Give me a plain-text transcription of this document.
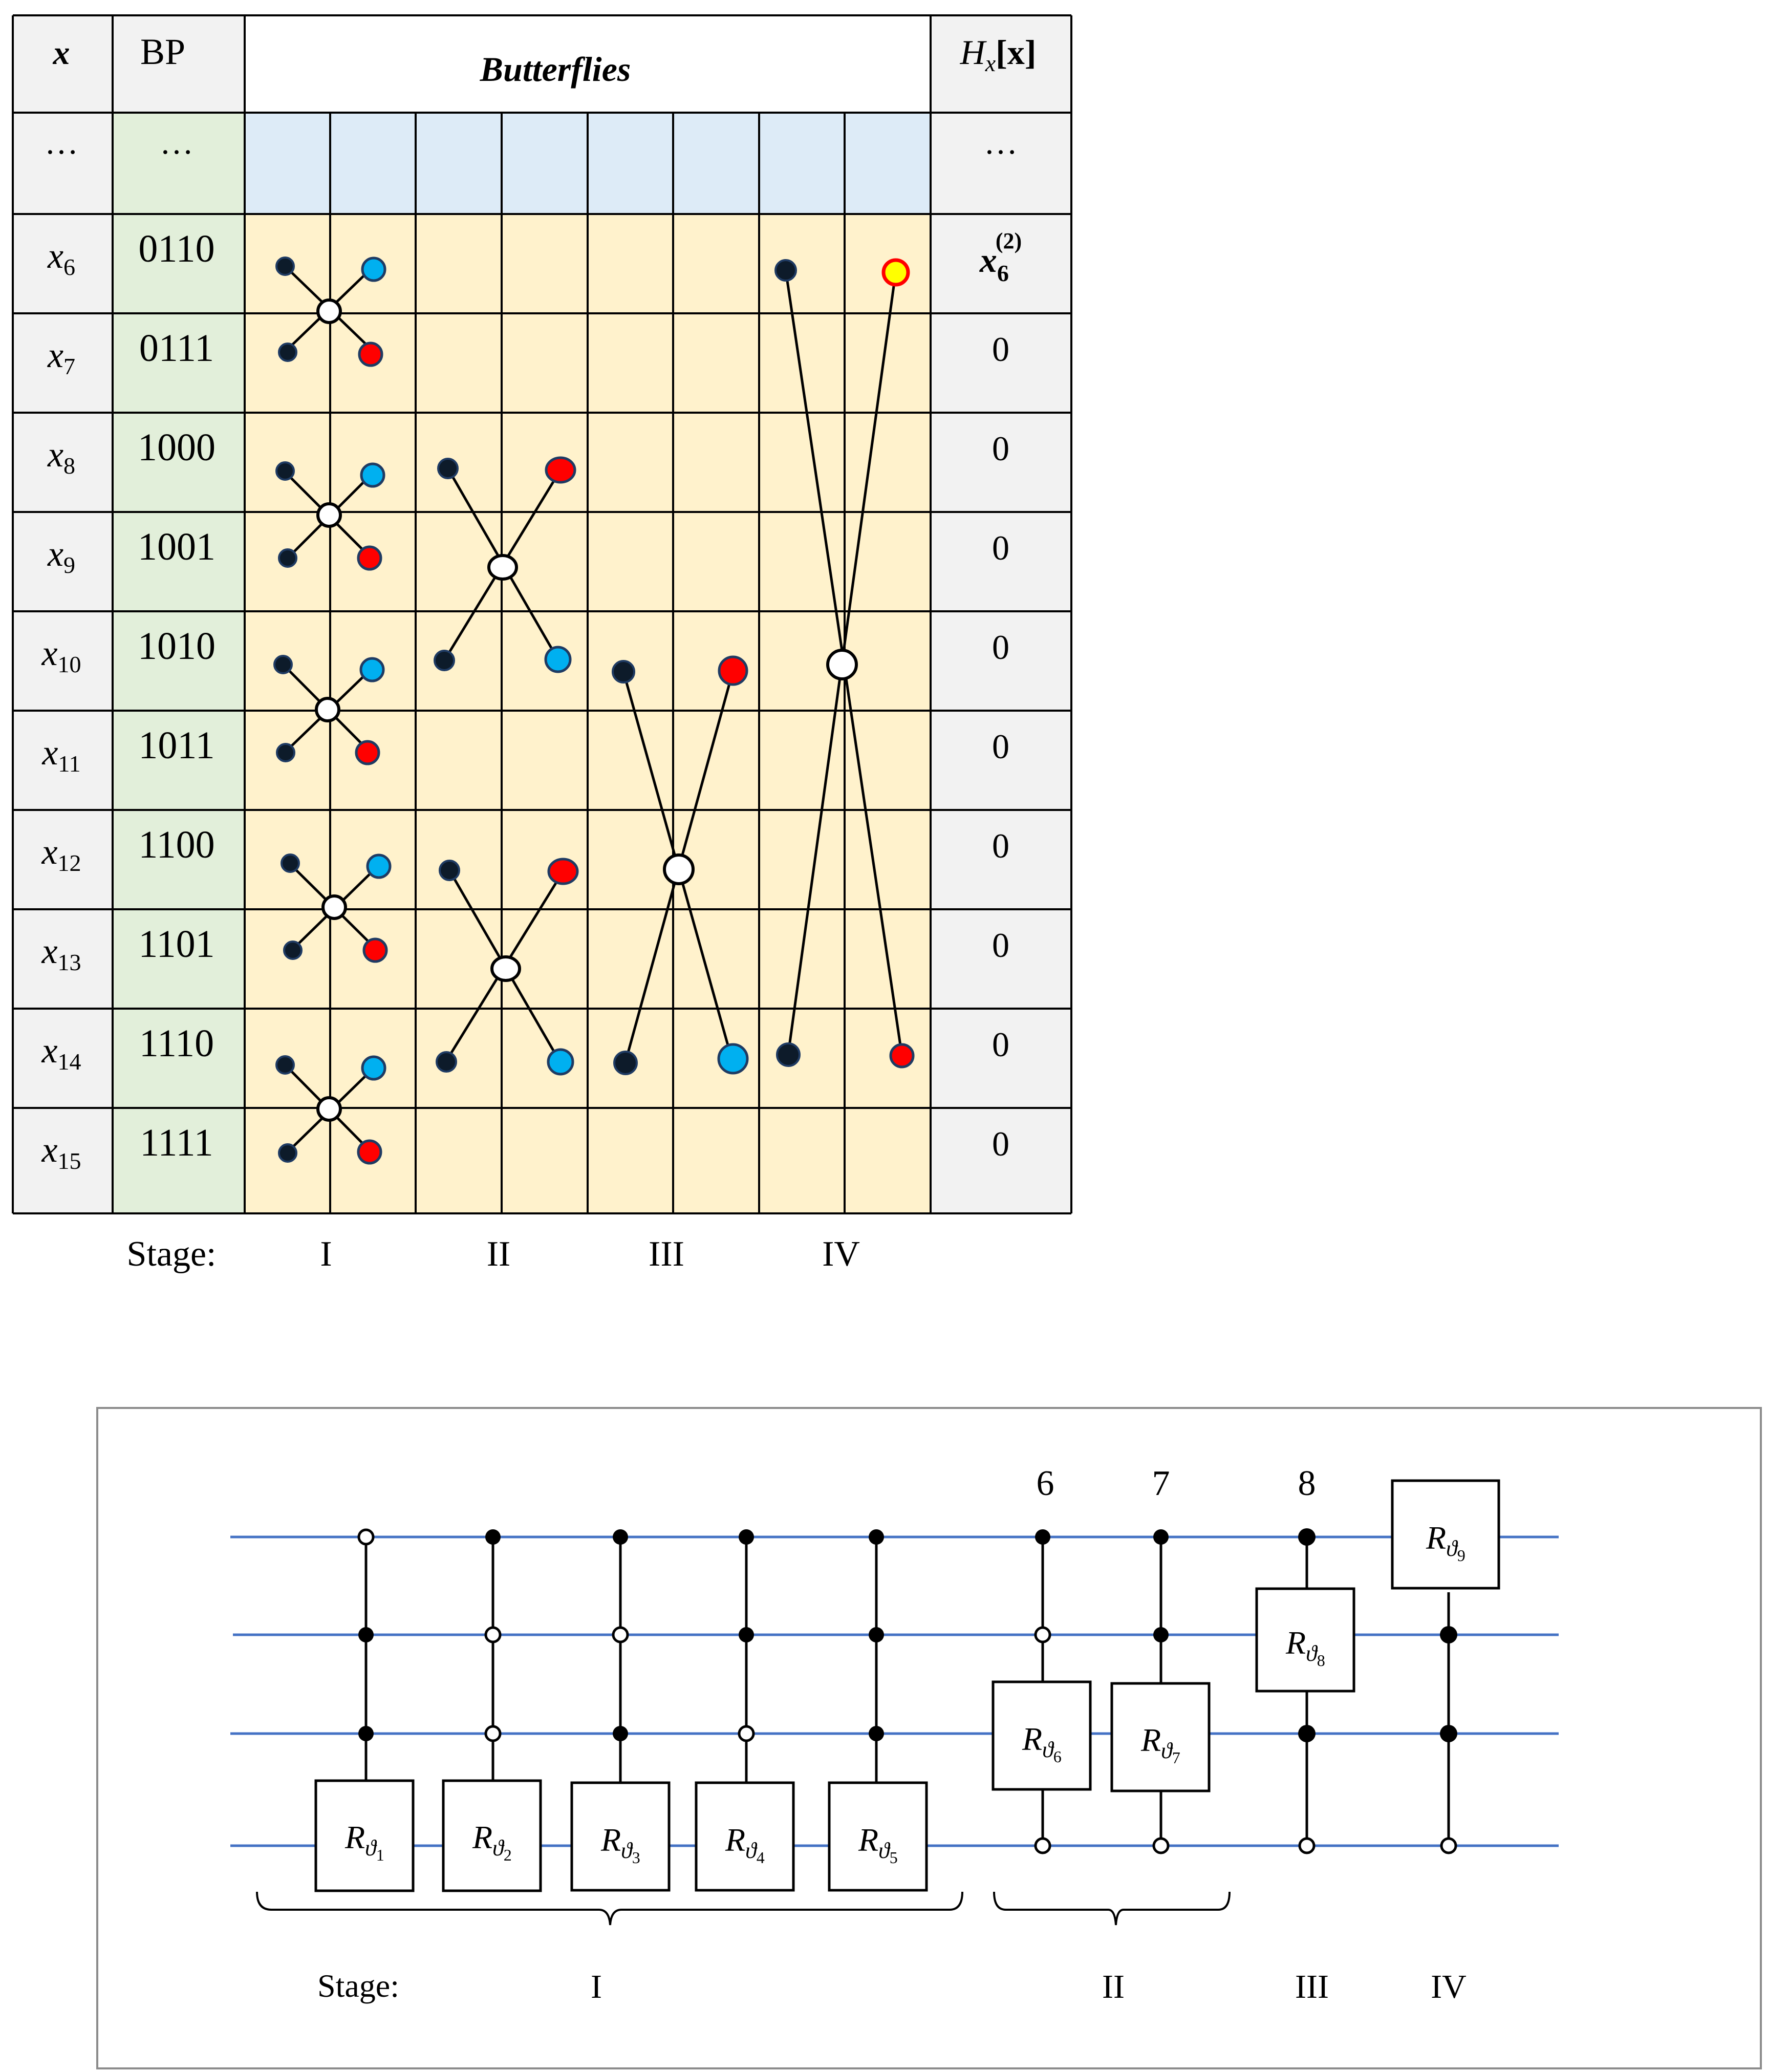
x BP	Butterflies	$H_x[x]$
… …	…
$x_6$ 0110	$x_6(2)$
$x_7$ 0111	0
$x_8$ 1000	0
$x_9$ 1001	0
$x_{10}$ 1010	0
$x_{11}$ 1011	0
$x_{12}$ 1100	0
$x_{13}$ 1101	0
$x_{14}$ 1110	0
$x_{15}$ 1111	0
Stage:	I	II	III	IV
$R_ϑ1$	$R_ϑ2$	$R_ϑ3$	$R_ϑ4$	$R_ϑ5$
$R_ϑ6$ $R_ϑ7$
$R_ϑ8$
$R_ϑ9$
6	7	8
Stage:	I	II	III	IV
